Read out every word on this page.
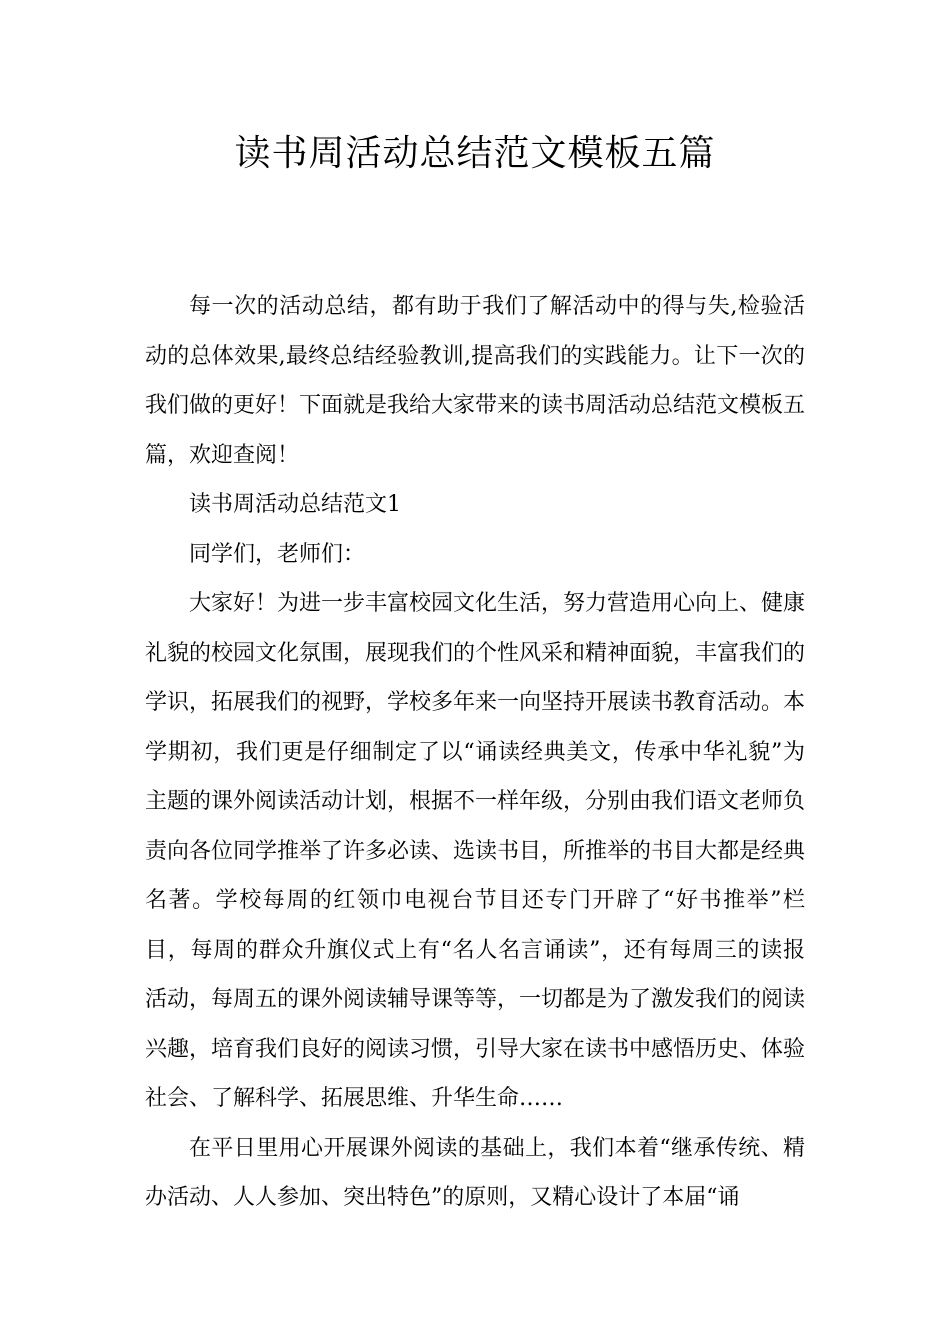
读书周活动总结范文模板五篇

每一次的活动总结，都有助于我们了解活动中的得与失,检验活动的总体效果,最终总结经验教训,提高我们的实践能力。让下一次的我们做的更好！下面就是我给大家带来的读书周活动总结范文模板五篇，欢迎查阅！

读书周活动总结范文1

同学们，老师们：

大家好！为进一步丰富校园文化生活，努力营造用心向上、健康礼貌的校园文化氛围，展现我们的个性风采和精神面貌，丰富我们的学识，拓展我们的视野，学校多年来一向坚持开展读书教育活动。本学期初，我们更是仔细制定了以“诵读经典美文，传承中华礼貌”为主题的课外阅读活动计划，根据不一样年级，分别由我们语文老师负责向各位同学推举了许多必读、选读书目，所推举的书目大都是经典名著。学校每周的红领巾电视台节目还专门开辟了“好书推举”栏目，每周的群众升旗仪式上有“名人名言诵读”，还有每周三的读报活动，每周五的课外阅读辅导课等等，一切都是为了激发我们的阅读兴趣，培育我们良好的阅读习惯，引导大家在读书中感悟历史、体验社会、了解科学、拓展思维、升华生命……

在平日里用心开展课外阅读的基础上，我们本着“继承传统、精办活动、人人参加、突出特色”的原则，又精心设计了本届“诵
